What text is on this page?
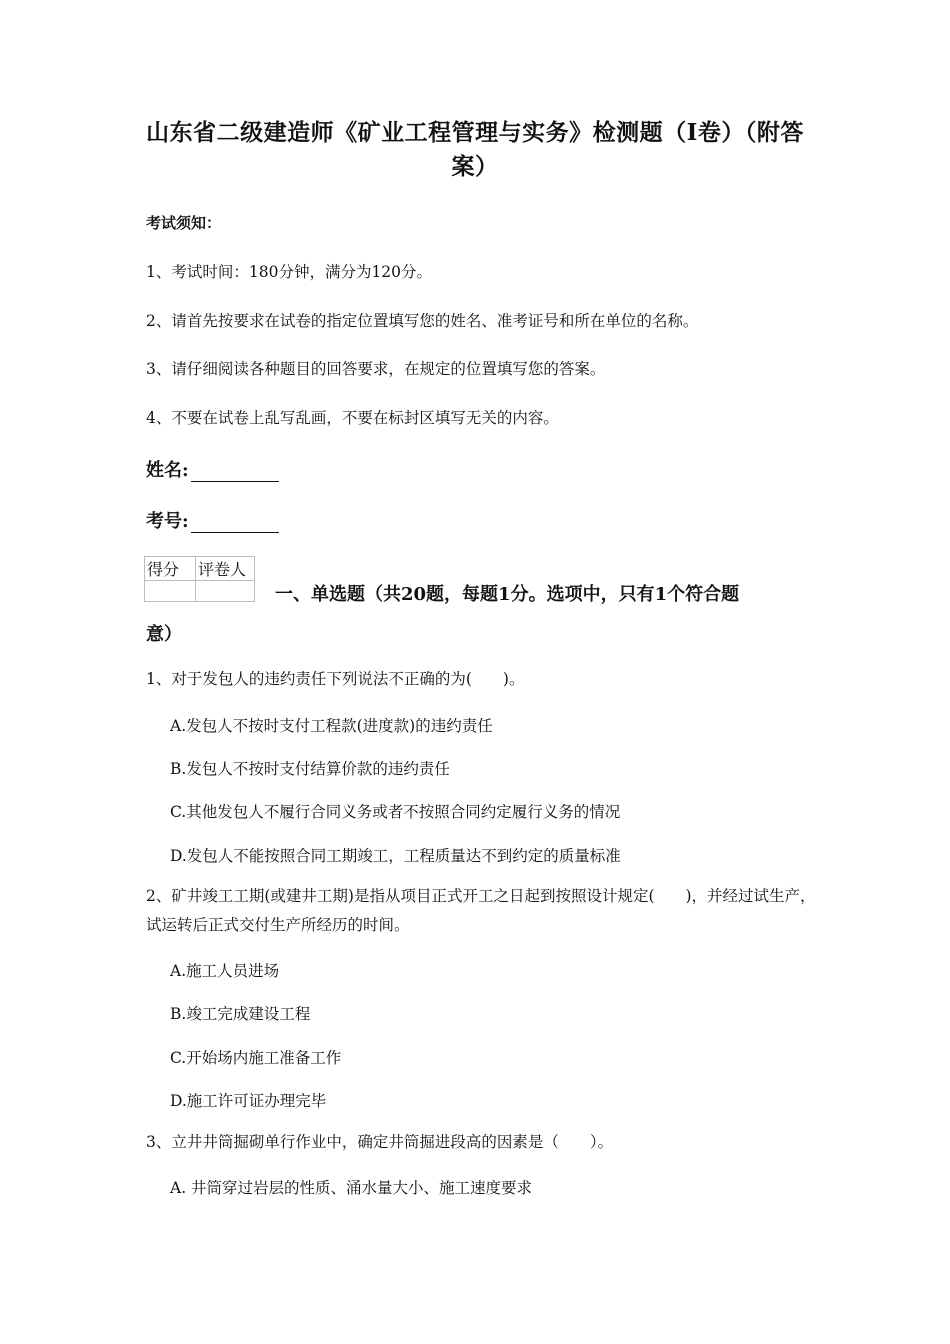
山东省二级建造师《矿业工程管理与实务》检测题（I卷）（附答案）
考试须知：
1、考试时间：180分钟，满分为120分。
2、请首先按要求在试卷的指定位置填写您的姓名、准考证号和所在单位的名称。
3、请仔细阅读各种题目的回答要求，在规定的位置填写您的答案。
4、不要在试卷上乱写乱画，不要在标封区填写无关的内容。
姓名:
考号:
得分	评卷人

一、单选题（共20题，每题1分。选项中，只有1个符合题
意）
1、对于发包人的违约责任下列说法不正确的为(　　)。
A.发包人不按时支付工程款(进度款)的违约责任
B.发包人不按时支付结算价款的违约责任
C.其他发包人不履行合同义务或者不按照合同约定履行义务的情况
D.发包人不能按照合同工期竣工，工程质量达不到约定的质量标准
2、矿井竣工工期(或建井工期)是指从项目正式开工之日起到按照设计规定(　　)，并经过试生产，试运转后正式交付生产所经历的时间。
A.施工人员进场
B.竣工完成建设工程
C.开始场内施工准备工作
D.施工许可证办理完毕
3、立井井筒掘砌单行作业中，确定井筒掘进段高的因素是（　　）。
A. 井筒穿过岩层的性质、涌水量大小、施工速度要求
